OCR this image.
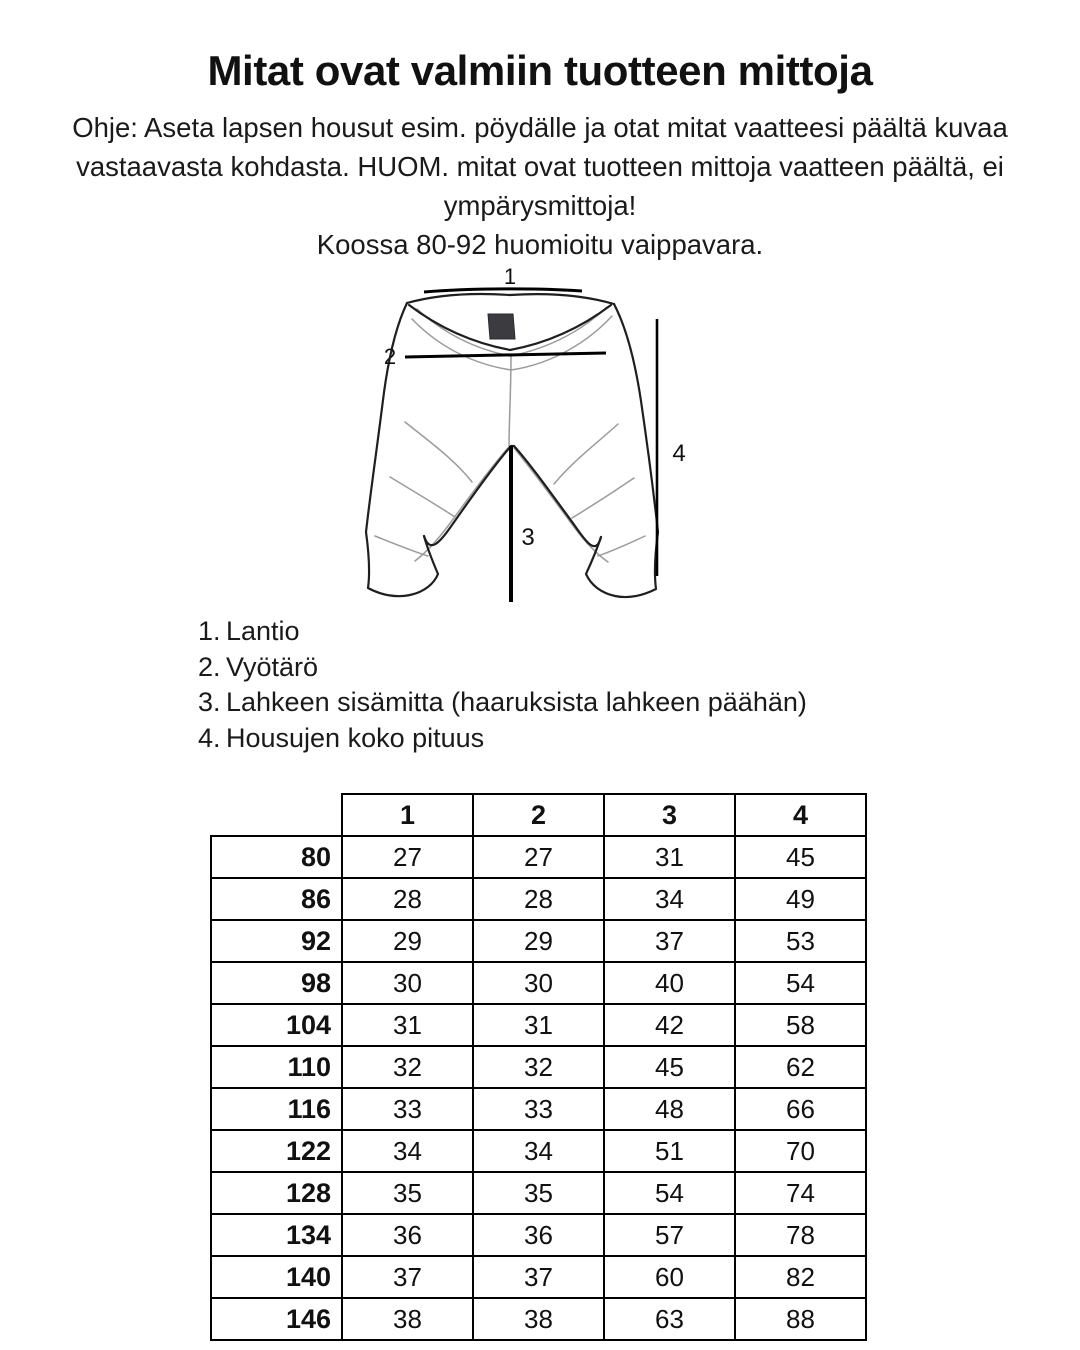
Mitat ovat valmiin tuotteen mittoja

Ohje: Aseta lapsen housut esim. pöydälle ja otat mitat vaatteesi päältä kuvaa vastaavasta kohdasta. HUOM. mitat ovat tuotteen mittoja vaatteen päältä, ei ympärysmittoja!

Koossa 80-92 huomioitu vaippavara.

1
2
3
4
1. Lantio
2. Vyötärö
3. Lahkeen sisämitta (haaruksista lahkeen päähän)
4. Housujen koko pituus
	1	2	3	4
80	27	27	31	45
86	28	28	34	49
92	29	29	37	53
98	30	30	40	54
104	31	31	42	58
110	32	32	45	62
116	33	33	48	66
122	34	34	51	70
128	35	35	54	74
134	36	36	57	78
140	37	37	60	82
146	38	38	63	88
